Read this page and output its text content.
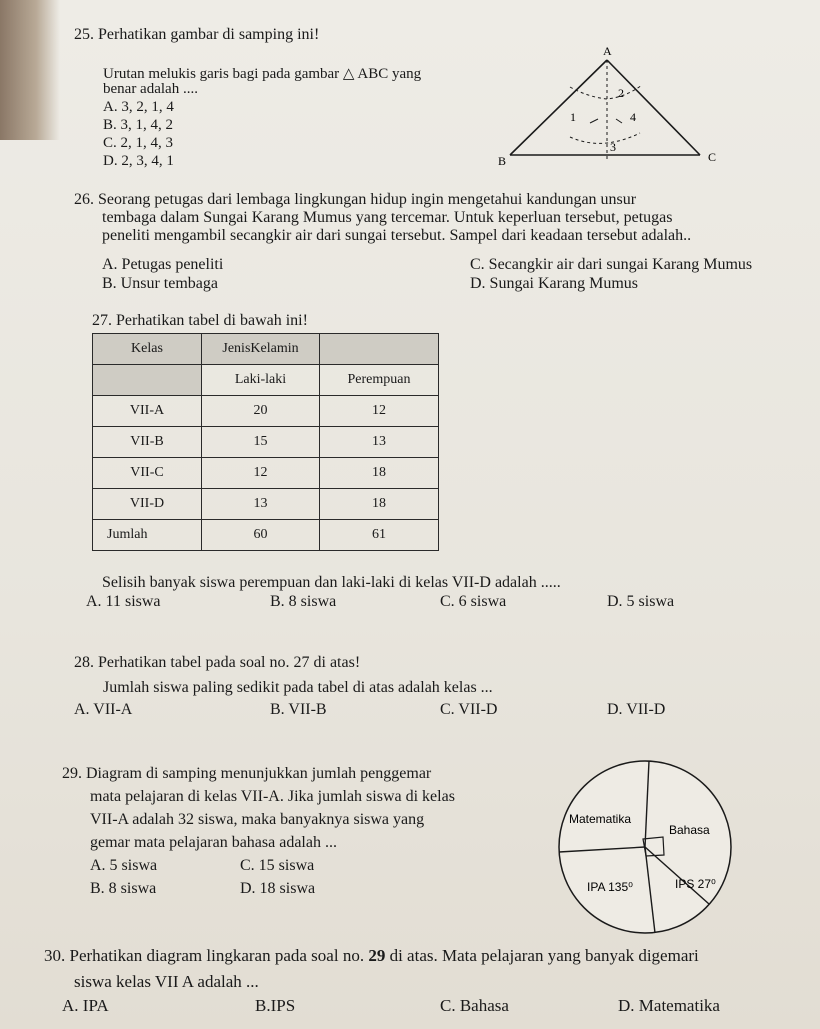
25. Perhatikan gambar di samping ini!
Urutan melukis garis bagi pada gambar △ ABC yang
benar adalah ....
A. 3, 2, 1, 4
B. 3, 1, 4, 2
C. 2, 1, 4, 3
D. 2, 3, 4, 1
A
B	C
2
1	4
3
26. Seorang petugas dari lembaga lingkungan hidup ingin mengetahui kandungan unsur
tembaga dalam Sungai Karang Mumus yang tercemar. Untuk keperluan tersebut, petugas
peneliti mengambil secangkir air dari sungai tersebut. Sampel dari keadaan tersebut adalah..
A. Petugas peneliti	C. Secangkir air dari sungai Karang Mumus
B. Unsur tembaga	D. Sungai Karang Mumus
27. Perhatikan tabel di bawah ini!
Kelas	JenisKelamin	
	Laki-laki	Perempuan
VII-A	20	12
VII-B	15	13
VII-C	12	18
VII-D	13	18
Jumlah	60	61
Selisih banyak siswa perempuan dan laki-laki di kelas VII-D adalah .....
A. 11 siswa	B. 8 siswa	C. 6 siswa	D. 5 siswa
28. Perhatikan tabel pada soal no. 27 di atas!
Jumlah siswa paling sedikit pada tabel di atas adalah kelas ...
A. VII-A	B. VII-B	C. VII-D	D. VII-D
29. Diagram di samping menunjukkan jumlah penggemar
mata pelajaran di kelas VII-A. Jika jumlah siswa di kelas
VII-A adalah 32 siswa, maka banyaknya siswa yang
gemar mata pelajaran bahasa adalah ...
A. 5 siswa	C. 15 siswa
B. 8 siswa	D. 18 siswa
Matematika
Bahasa
IPA 135⁰	IPS 27⁰
30. Perhatikan diagram lingkaran pada soal no. 29 di atas. Mata pelajaran yang banyak digemari
siswa kelas VII A adalah ...
A. IPA	B.IPS	C. Bahasa	D. Matematika
